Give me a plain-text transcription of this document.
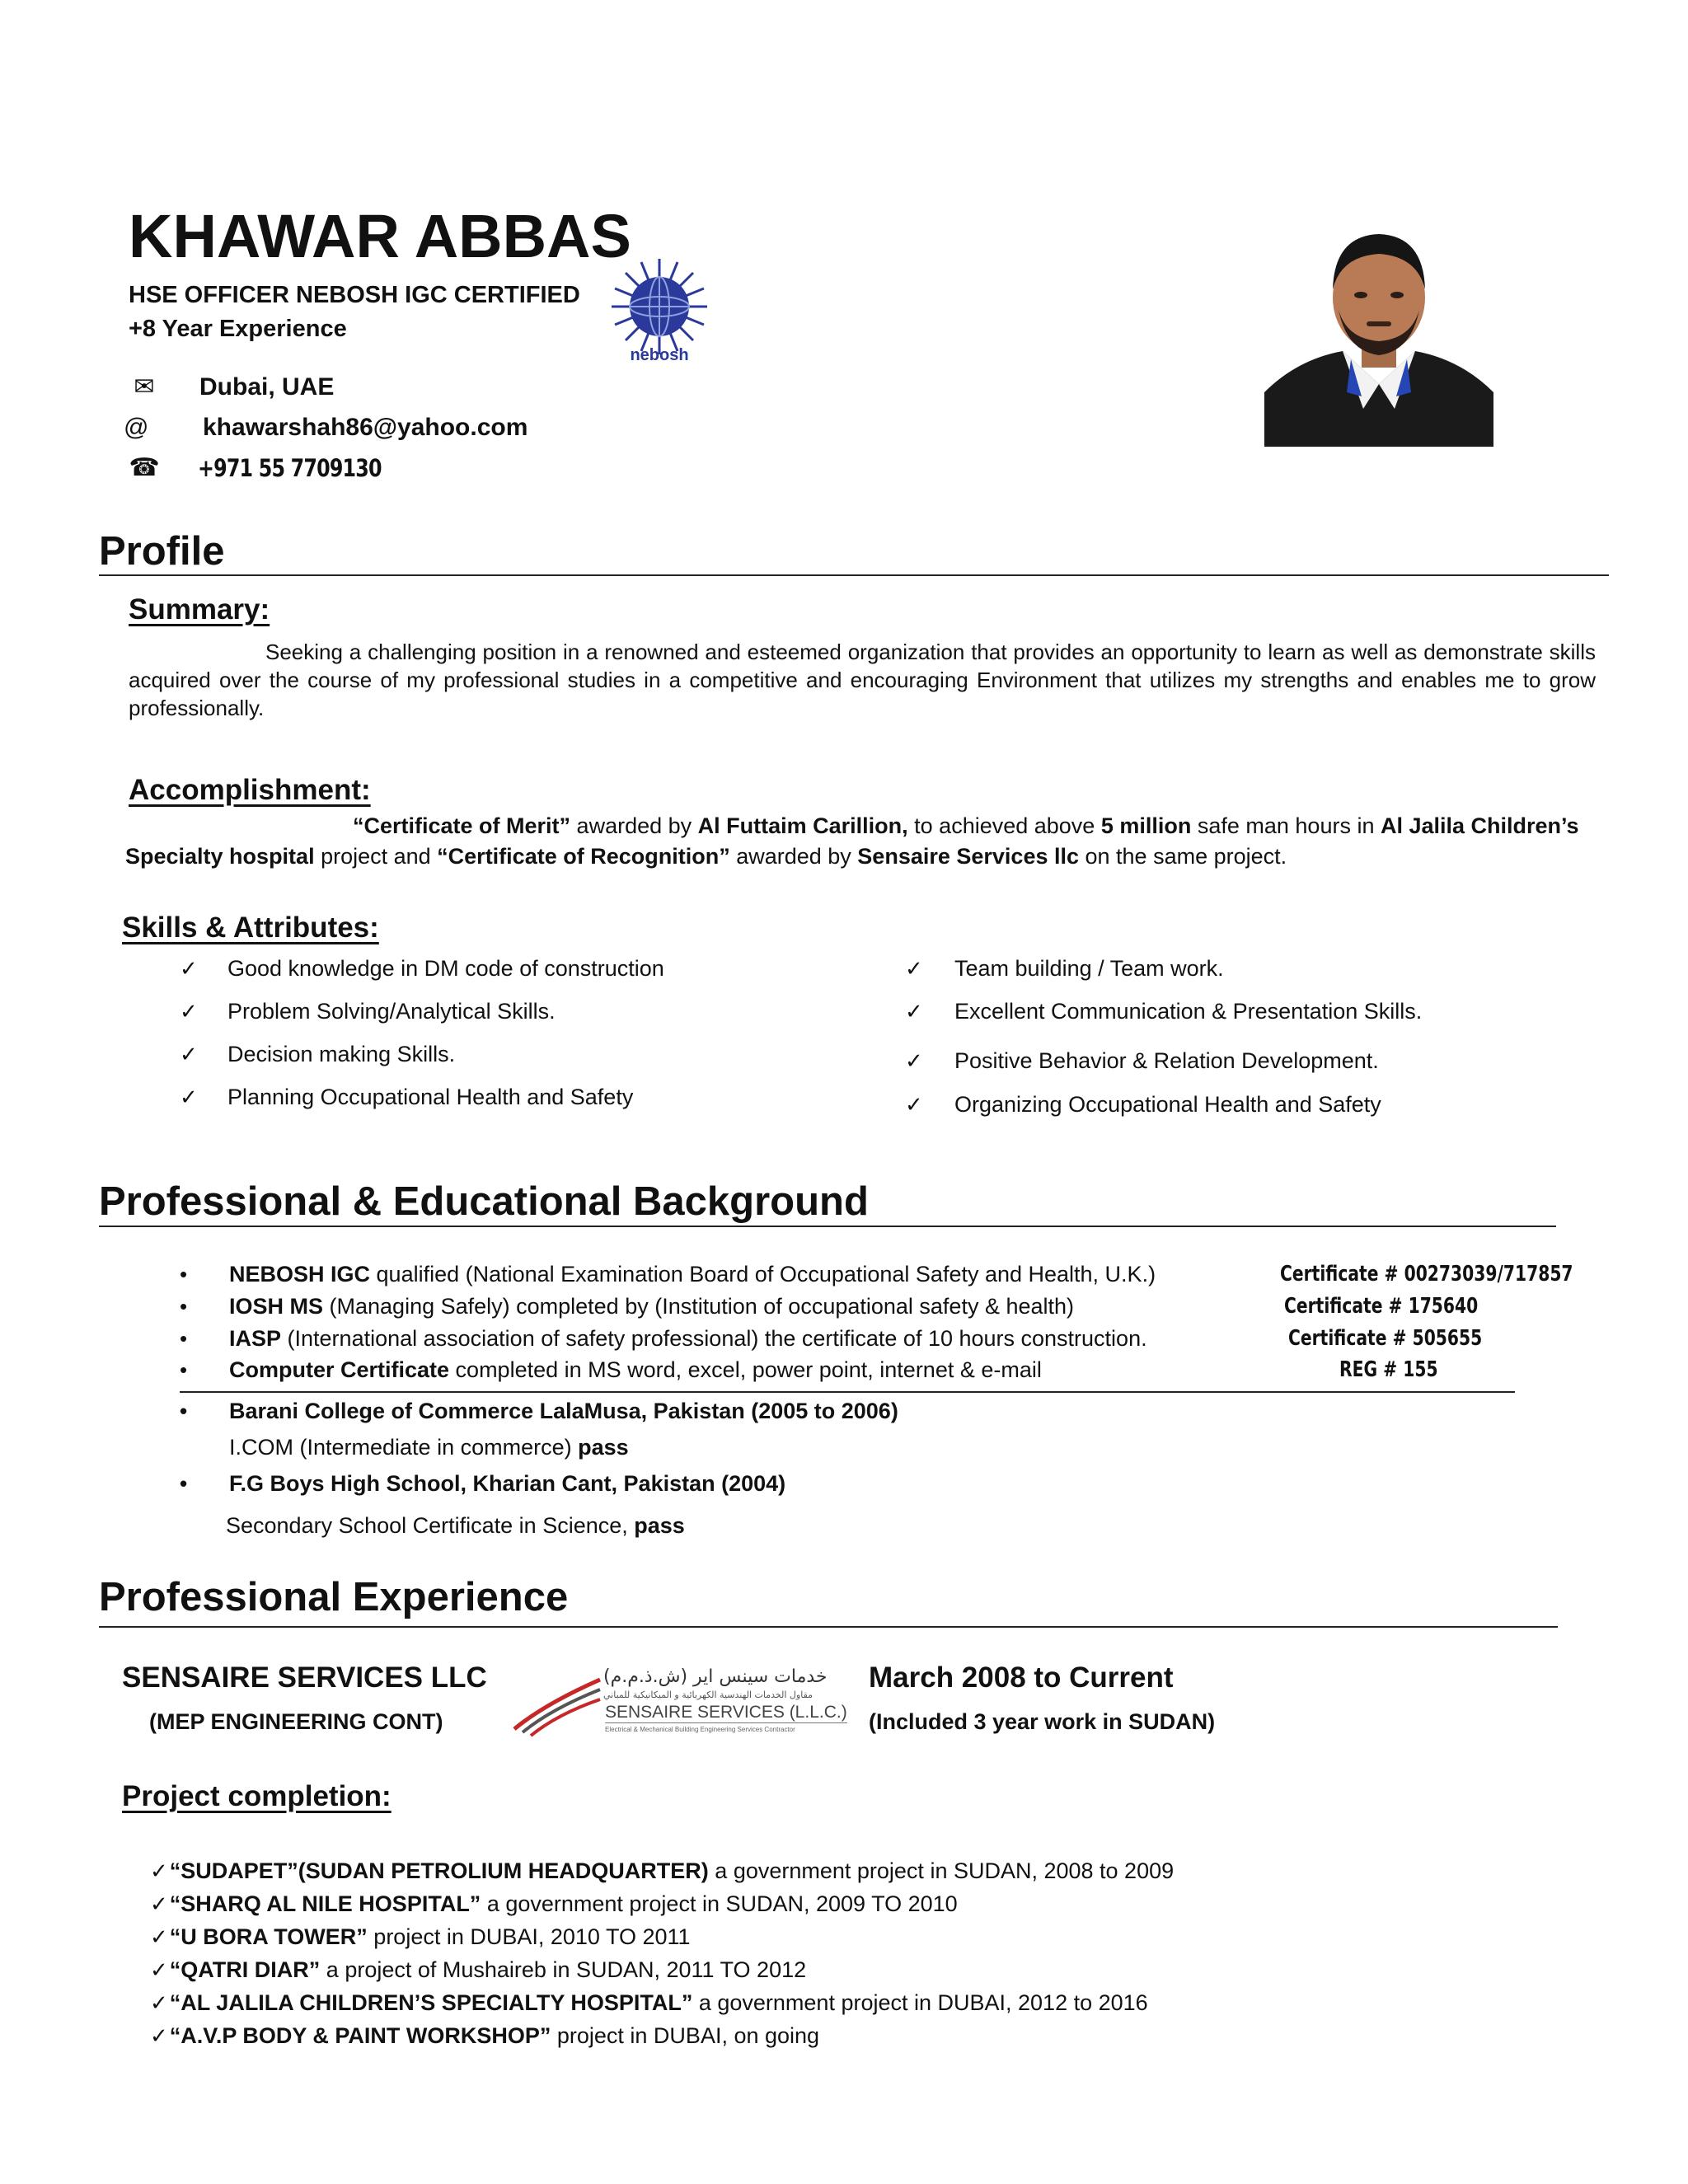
KHAWAR ABBAS
HSE OFFICER NEBOSH IGC CERTIFIED
+8 Year Experience
nebosh
✉	Dubai, UAE
@	khawarshah86@yahoo.com
☎ +971 55 7709130
Profile
Summary:
Seeking a challenging position in a renowned and esteemed organization that provides an opportunity to learn as well as demonstrate skills acquired over the course of my professional studies in a competitive and encouraging Environment that utilizes my strengths and enables me to grow professionally.
Accomplishment:
“Certificate of Merit” awarded by Al Futtaim Carillion, to achieved above 5 million safe man hours in Al Jalila Children’s Specialty hospital project and “Certificate of Recognition” awarded by Sensaire Services llc on the same project.
Skills & Attributes:
✓	Good knowledge in DM code of construction
✓	Problem Solving/Analytical Skills.
✓	Decision making Skills.
✓	Planning Occupational Health and Safety
✓	Team building / Team work.
✓	Excellent Communication & Presentation Skills.
✓	Positive Behavior & Relation Development.
✓	Organizing Occupational Health and Safety
Professional & Educational Background
• NEBOSH IGC qualified (National Examination Board of Occupational Safety and Health, U.K.)	Certificate # 00273039/717857
• IOSH MS (Managing Safely) completed by (Institution of occupational safety & health)	Certificate # 175640
• IASP (International association of safety professional) the certificate of 10 hours construction.	Certificate # 505655
• Computer Certificate completed in MS word, excel, power point, internet & e-mail	REG # 155
• Barani College of Commerce LalaMusa, Pakistan (2005 to 2006)
I.COM (Intermediate in commerce) pass
• F.G Boys High School, Kharian Cant, Pakistan (2004)
Secondary School Certificate in Science, pass
Professional Experience
SENSAIRE SERVICES LLC
(MEP ENGINEERING CONT)
خدمات سينس اير (ش.ذ.م.م)
مقاول الخدمات الهندسية الكهربائية و الميكانيكية للمباني
SENSAIRE SERVICES (L.L.C.)
Electrical & Mechanical Building Engineering Services Contractor
March 2008 to Current
(Included 3 year work in SUDAN)
Project completion:
✓“SUDAPET”(SUDAN PETROLIUM HEADQUARTER) a government project in SUDAN, 2008 to 2009
✓“SHARQ AL NILE HOSPITAL” a government project in SUDAN, 2009 TO 2010
✓“U BORA TOWER” project in DUBAI, 2010 TO 2011
✓“QATRI DIAR” a project of Mushaireb in SUDAN, 2011 TO 2012
✓“AL JALILA CHILDREN’S SPECIALTY HOSPITAL” a government project in DUBAI, 2012 to 2016
✓“A.V.P BODY & PAINT WORKSHOP” project in DUBAI, on going
